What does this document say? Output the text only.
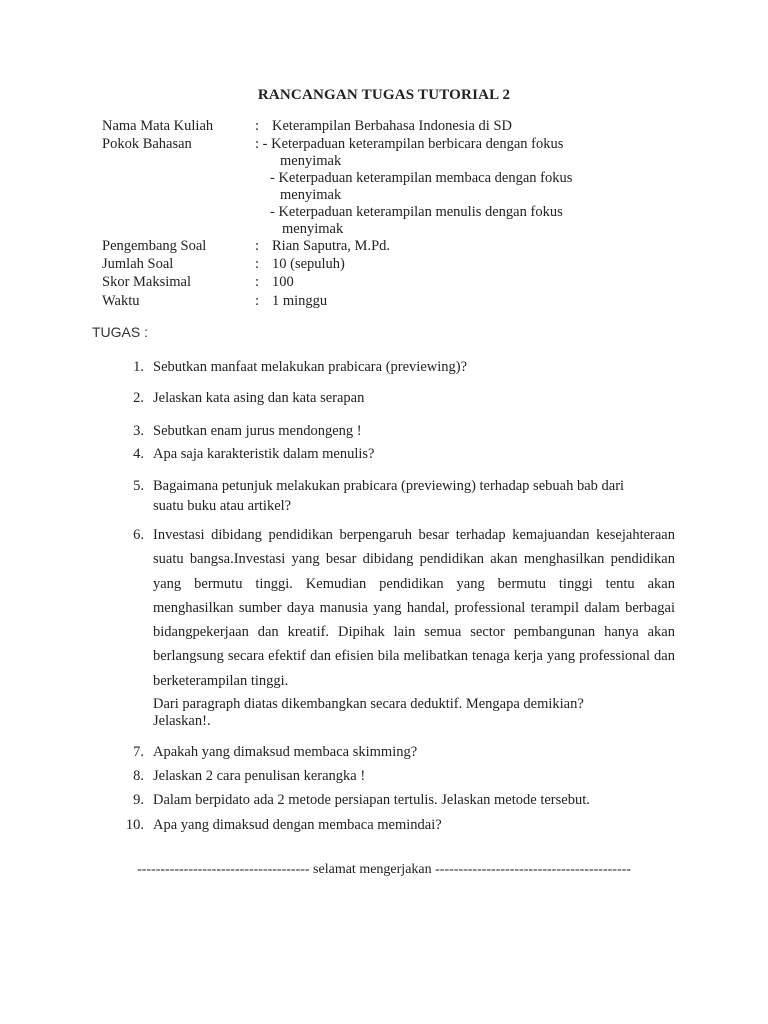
RANCANGAN TUGAS TUTORIAL 2
Nama Mata Kuliah	: Keterampilan Berbahasa Indonesia di SD
Pokok Bahasan	: - Keterpaduan keterampilan berbicara dengan fokus
menyimak
- Keterpaduan keterampilan membaca dengan fokus
menyimak
- Keterpaduan keterampilan menulis dengan fokus
menyimak
Pengembang Soal	: Rian Saputra, M.Pd.
Jumlah Soal	: 10 (sepuluh)
Skor Maksimal	: 100
Waktu	: 1 minggu
TUGAS :
1. Sebutkan manfaat melakukan prabicara (previewing)?
2. Jelaskan kata asing dan kata serapan
3. Sebutkan enam jurus mendongeng !
4. Apa saja karakteristik dalam menulis?
5. Bagaimana petunjuk melakukan prabicara (previewing) terhadap sebuah bab dari
suatu buku atau artikel?
6. Investasi dibidang pendidikan berpengaruh besar terhadap kemajuandan kesejahteraan suatu bangsa.Investasi yang besar dibidang pendidikan akan menghasilkan pendidikan yang bermutu tinggi. Kemudian pendidikan yang bermutu tinggi tentu akan menghasilkan sumber daya manusia yang handal, professional terampil dalam berbagai bidangpekerjaan dan kreatif. Dipihak lain semua sector pembangunan hanya akan berlangsung secara efektif dan efisien bila melibatkan tenaga kerja yang professional dan berketerampilan tinggi.
Dari paragraph diatas dikembangkan secara deduktif. Mengapa demikian?
Jelaskan!.
7. Apakah yang dimaksud membaca skimming?
8. Jelaskan 2 cara penulisan kerangka !
9. Dalam berpidato ada 2 metode persiapan tertulis. Jelaskan metode tersebut.
10. Apa yang dimaksud dengan membaca memindai?
------------------------------------- selamat mengerjakan ------------------------------------------
